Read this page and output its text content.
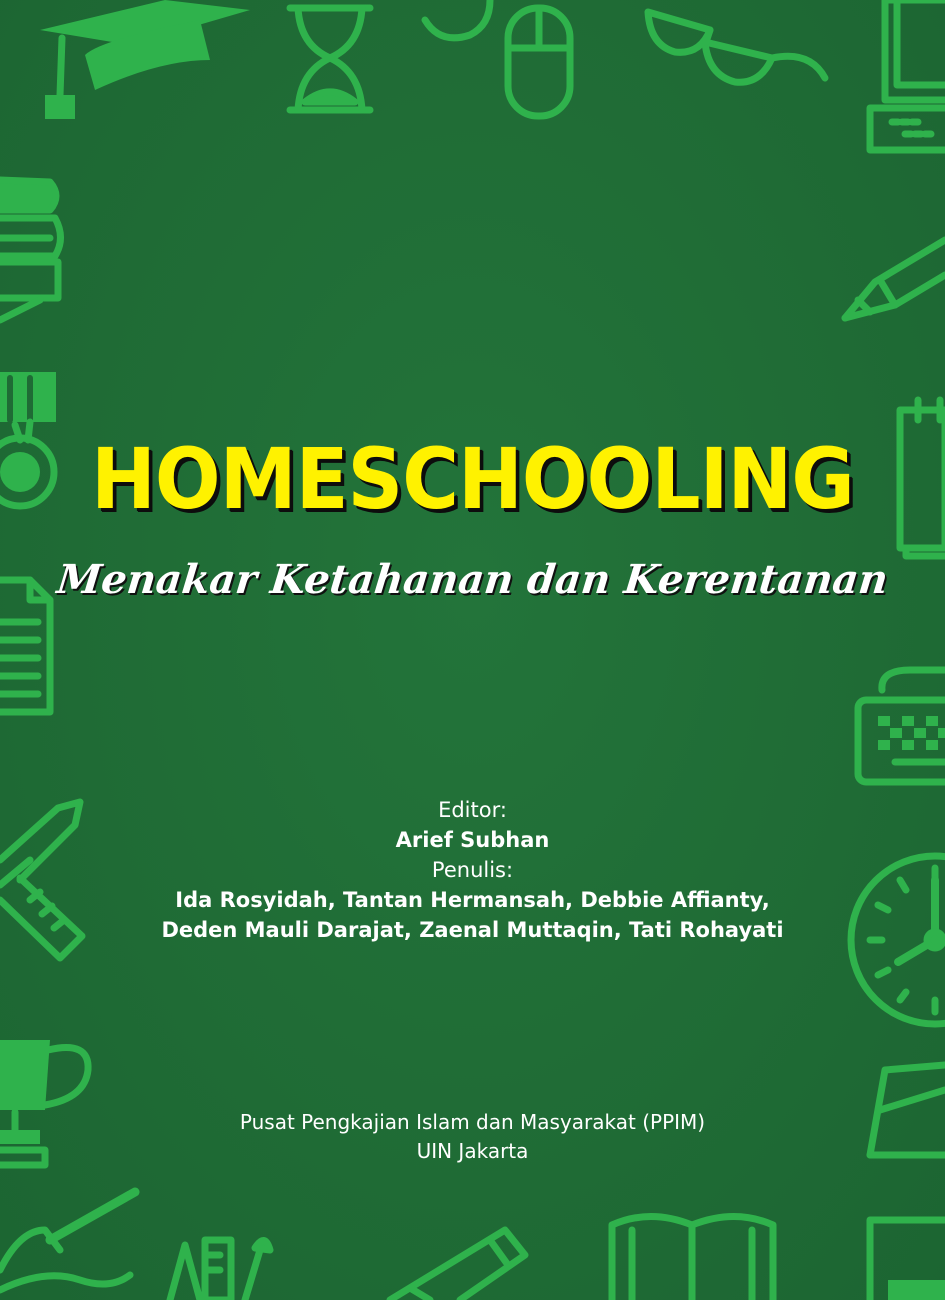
HOMESCHOOLING
Menakar Ketahanan dan Kerentanan
Editor:
Arief Subhan
Penulis:
Ida Rosyidah, Tantan Hermansah, Debbie Affianty,
Deden Mauli Darajat, Zaenal Muttaqin, Tati Rohayati
Pusat Pengkajian Islam dan Masyarakat (PPIM)
UIN Jakarta
